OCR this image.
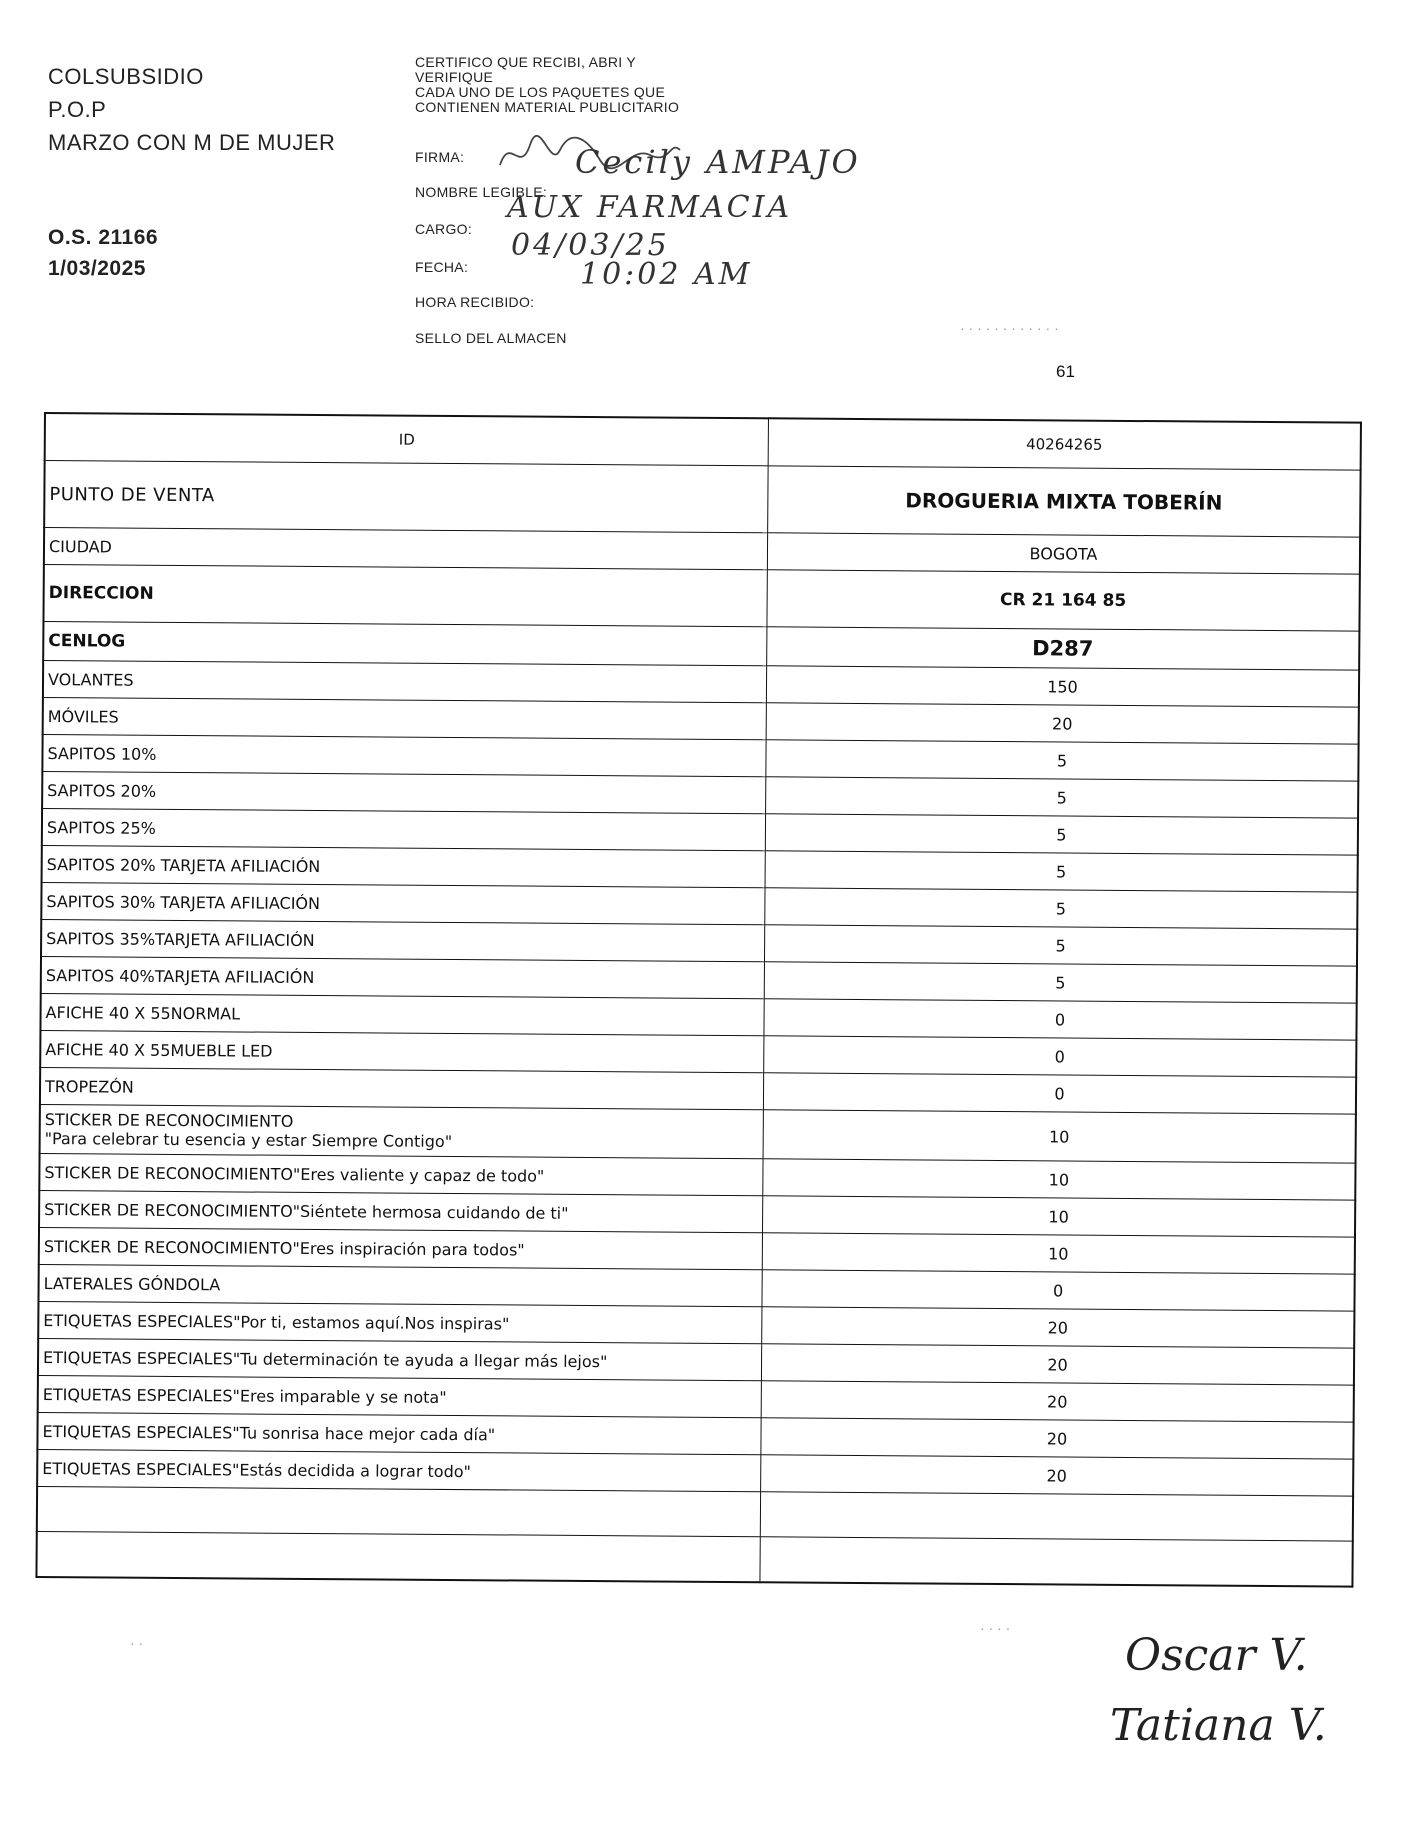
COLSUBSIDIO
P.O.P
MARZO CON M DE MUJER
O.S. 21166
1/03/2025
CERTIFICO QUE RECIBI, ABRI Y
VERIFIQUE
CADA UNO DE LOS PAQUETES QUE
CONTIENEN MATERIAL PUBLICITARIO
FIRMA:
NOMBRE LEGIBLE:
Cecily AMPAJO
CARGO:
AUX FARMACIA
FECHA:
04/03/25
HORA RECIBIDO:
10:02 AM
SELLO DEL ALMACEN
61
ID	40264265
PUNTO DE VENTA	DROGUERIA MIXTA TOBERÍN
CIUDAD	BOGOTA
DIRECCION	CR 21 164 85
CENLOG	D287

VOLANTES	150

MÓVILES	20

SAPITOS 10%	5

SAPITOS 20%	5

SAPITOS 25%	5

SAPITOS 20% TARJETA AFILIACIÓN	5

SAPITOS 30% TARJETA AFILIACIÓN	5

SAPITOS 35%TARJETA AFILIACIÓN	5

SAPITOS 40%TARJETA AFILIACIÓN	5

AFICHE 40 X 55NORMAL	0

AFICHE 40 X 55MUEBLE LED	0

TROPEZÓN	0

STICKER DE RECONOCIMIENTO
"Para celebrar tu esencia y estar Siempre Contigo"	10

STICKER DE RECONOCIMIENTO"Eres valiente y capaz de todo"	10

STICKER DE RECONOCIMIENTO"Siéntete hermosa cuidando de ti"	10

STICKER DE RECONOCIMIENTO"Eres inspiración para todos"	10

LATERALES GÓNDOLA	0

ETIQUETAS ESPECIALES"Por ti, estamos aquí.Nos inspiras"	20

ETIQUETAS ESPECIALES"Tu determinación te ayuda a llegar más lejos"	20

ETIQUETAS ESPECIALES"Eres imparable y se nota"	20

ETIQUETAS ESPECIALES"Tu sonrisa hace mejor cada día"	20

ETIQUETAS ESPECIALES"Estás decidida a lograr todo"	20

Oscar V.
Tatiana V.
· · · · · · · · · · · ·
· ·
· · · ·
